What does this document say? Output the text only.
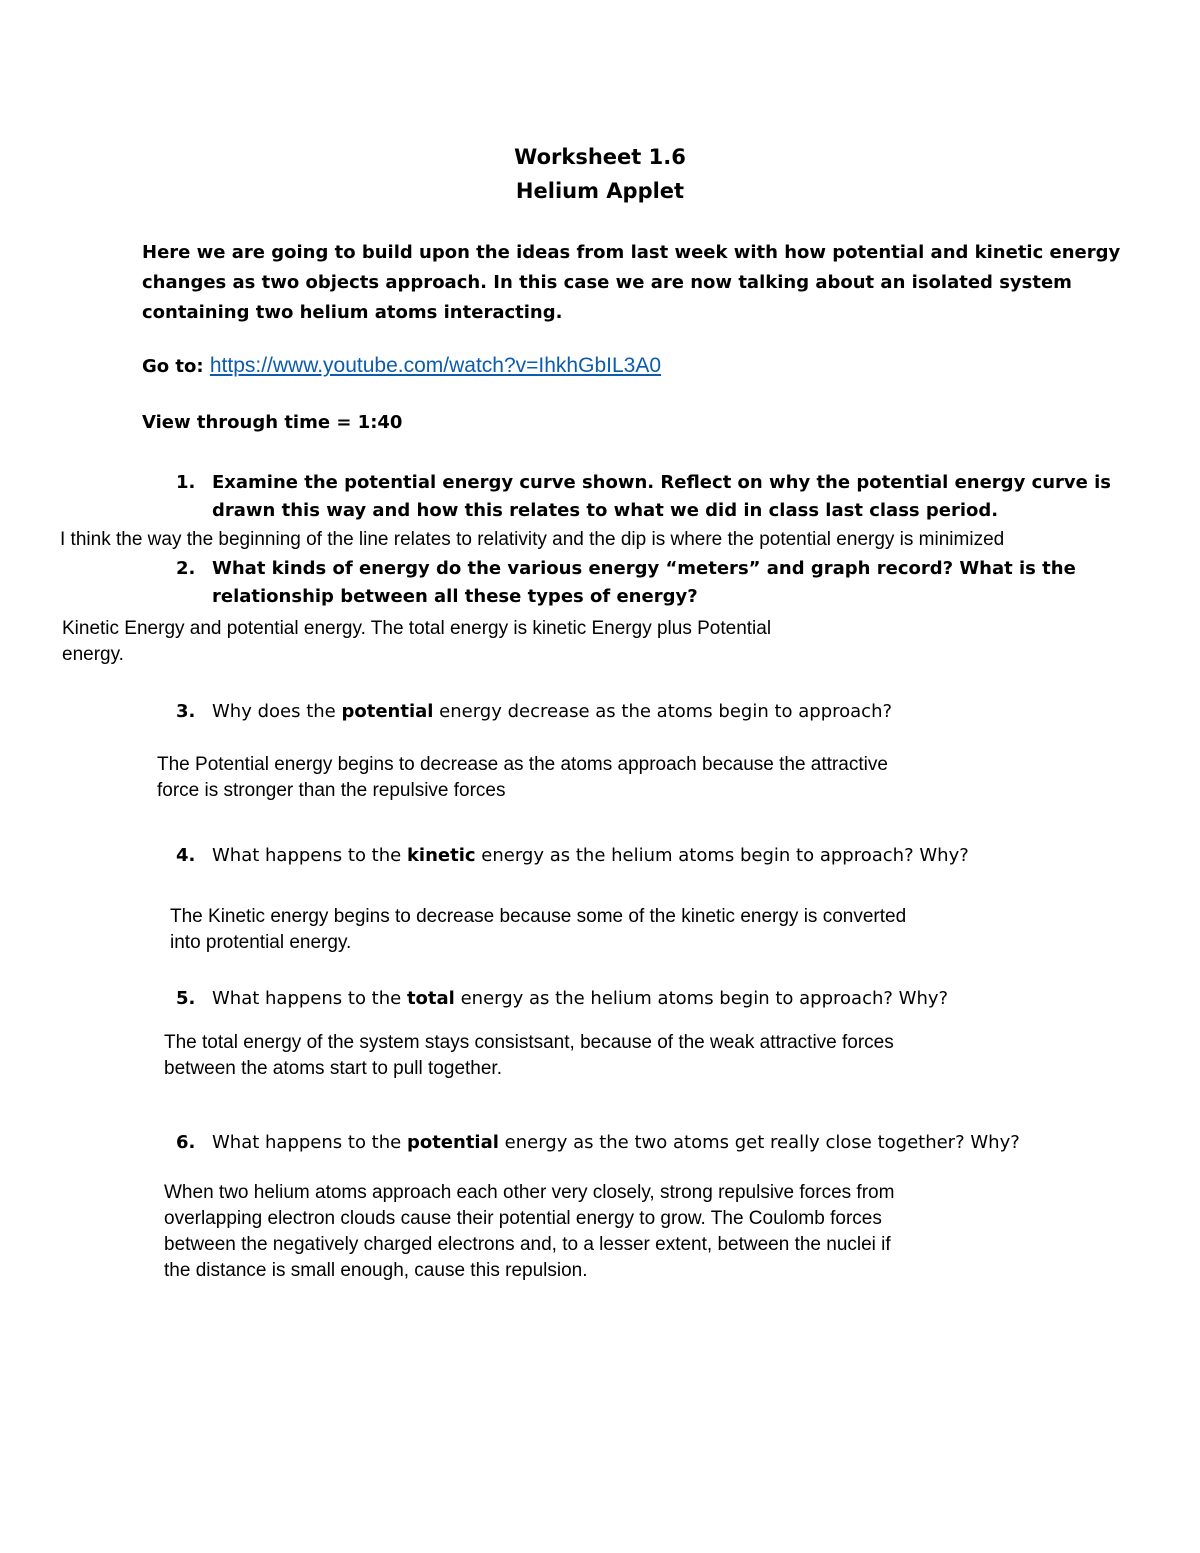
Worksheet 1.6
Helium Applet
Here we are going to build upon the ideas from last week with how potential and kinetic energy
changes as two objects approach. In this case we are now talking about an isolated system
containing two helium atoms interacting.
Go to: https://www.youtube.com/watch?v=IhkhGbIL3A0
View through time = 1:40
1. Examine the potential energy curve shown. Reflect on why the potential energy curve is
drawn this way and how this relates to what we did in class last class period.
I think the way the beginning of the line relates to relativity and the dip is where the potential energy is minimized
2. What kinds of energy do the various energy “meters” and graph record? What is the
relationship between all these types of energy?
Kinetic Energy and potential energy. The total energy is kinetic Energy plus Potential
energy.
3. Why does the potential energy decrease as the atoms begin to approach?
The Potential energy begins to decrease as the atoms approach because the attractive
force is stronger than the repulsive forces
4. What happens to the kinetic energy as the helium atoms begin to approach? Why?
The Kinetic energy begins to decrease because some of the kinetic energy is converted
into protential energy.
5. What happens to the total energy as the helium atoms begin to approach? Why?
The total energy of the system stays consistsant, because of the weak attractive forces
between the atoms start to pull together.
6. What happens to the potential energy as the two atoms get really close together? Why?
When two helium atoms approach each other very closely, strong repulsive forces from
overlapping electron clouds cause their potential energy to grow. The Coulomb forces
between the negatively charged electrons and, to a lesser extent, between the nuclei if
the distance is small enough, cause this repulsion.
